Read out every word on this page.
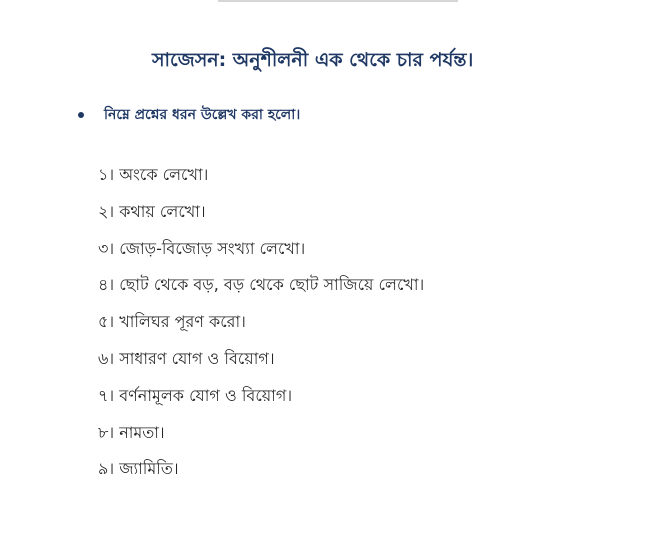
সাজেসন: অনুশীলনী এক থেকে চার পর্যন্ত।
নিম্নে প্রশ্নের ধরন উল্লেখ করা হলো।
১। অংকে লেখো।
২। কথায় লেখো।
৩। জোড়-বিজোড় সংখ্যা লেখো।
৪। ছোট থেকে বড়, বড় থেকে ছোট সাজিয়ে লেখো।
৫। খালিঘর পূরণ করো।
৬। সাধারণ যোগ ও বিয়োগ।
৭। বর্ণনামূলক যোগ ও বিয়োগ।
৮। নামতা।
৯। জ্যামিতি।
